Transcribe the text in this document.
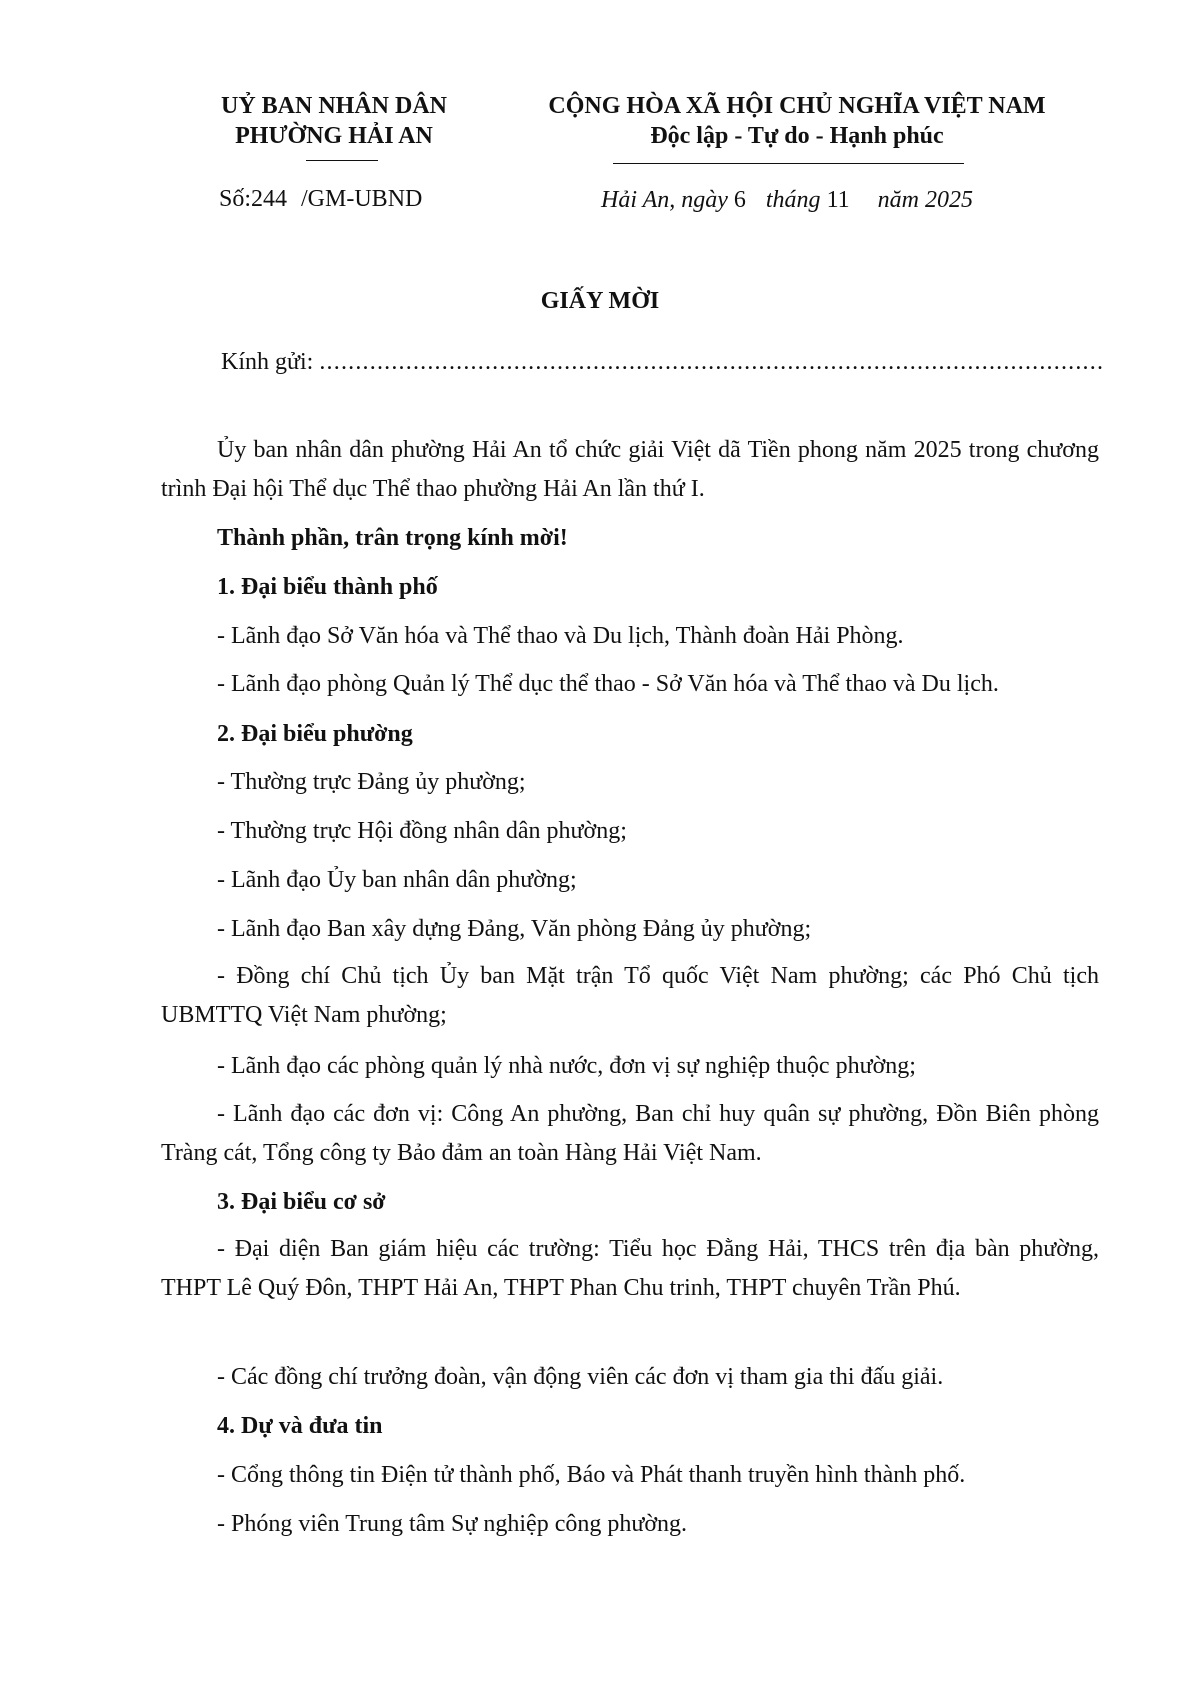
UỶ BAN NHÂN DÂN
PHƯỜNG HẢI AN
CỘNG HÒA XÃ HỘI CHỦ NGHĨA VIỆT NAM
Độc lập - Tự do - Hạnh phúc
Số:244 /GM-UBND	Hải An, ngày 6 tháng 11 năm 2025
GIẤY MỜI
Kính gửi: .............................................................................................................

Ủy ban nhân dân phường Hải An tổ chức giải Việt dã Tiền phong năm 2025 trong chương trình Đại hội Thể dục Thể thao phường Hải An lần thứ I.

Thành phần, trân trọng kính mời!

1. Đại biểu thành phố

- Lãnh đạo Sở Văn hóa và Thể thao và Du lịch, Thành đoàn Hải Phòng.

- Lãnh đạo phòng Quản lý Thể dục thể thao - Sở Văn hóa và Thể thao và Du lịch.

2. Đại biểu phường

- Thường trực Đảng ủy phường;

- Thường trực Hội đồng nhân dân phường;

- Lãnh đạo Ủy ban nhân dân phường;

- Lãnh đạo Ban xây dựng Đảng, Văn phòng Đảng ủy phường;

- Đồng chí Chủ tịch Ủy ban Mặt trận Tổ quốc Việt Nam phường; các Phó Chủ tịch UBMTTQ Việt Nam phường;

- Lãnh đạo các phòng quản lý nhà nước, đơn vị sự nghiệp thuộc phường;

- Lãnh đạo các đơn vị: Công An phường, Ban chỉ huy quân sự phường, Đồn Biên phòng Tràng cát, Tổng công ty Bảo đảm an toàn Hàng Hải Việt Nam.

3. Đại biểu cơ sở

- Đại diện Ban giám hiệu các trường: Tiểu học Đằng Hải, THCS trên địa bàn phường, THPT Lê Quý Đôn, THPT Hải An, THPT Phan Chu trinh, THPT chuyên Trần Phú.

- Các đồng chí trưởng đoàn, vận động viên các đơn vị tham gia thi đấu giải.

4. Dự và đưa tin

- Cổng thông tin Điện tử thành phố, Báo và Phát thanh truyền hình thành phố.

- Phóng viên Trung tâm Sự nghiệp công phường.
